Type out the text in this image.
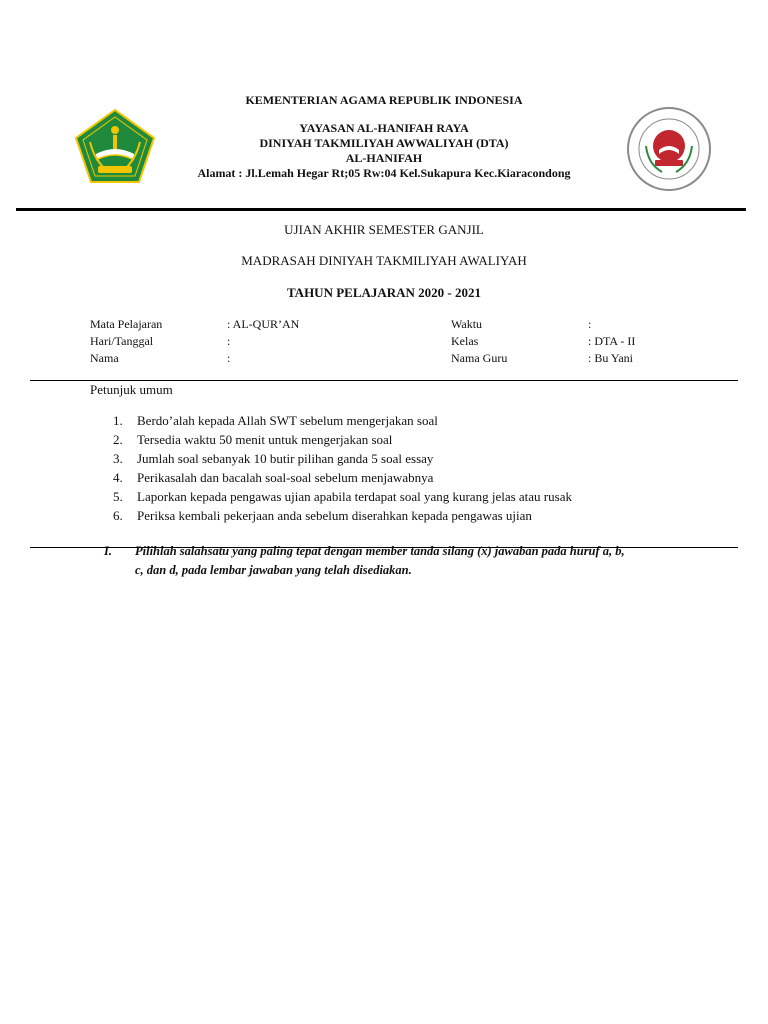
KEMENTERIAN AGAMA REPUBLIK INDONESIA
YAYASAN AL-HANIFAH RAYA
DINIYAH TAKMILIYAH AWWALIYAH (DTA)
AL-HANIFAH
Alamat : Jl.Lemah Hegar Rt;05 Rw:04 Kel.Sukapura Kec.Kiaracondong
UJIAN AKHIR SEMESTER GANJIL
MADRASAH DINIYAH TAKMILIYAH AWALIYAH
TAHUN PELAJARAN 2020 - 2021
Mata Pelajaran	: AL-QUR’AN
Hari/Tanggal	:
Nama	:
Waktu	:
Kelas	: DTA - II
Nama Guru	: Bu Yani
Petunjuk umum
1. Berdo’alah kepada Allah SWT sebelum mengerjakan soal
2. Tersedia waktu 50 menit untuk mengerjakan soal
3. Jumlah soal sebanyak 10 butir pilihan ganda 5 soal essay
4. Perikasalah dan bacalah soal-soal sebelum menjawabnya
5. Laporkan kepada pengawas ujian apabila terdapat soal yang kurang jelas atau rusak
6. Periksa kembali pekerjaan anda sebelum diserahkan kepada pengawas ujian
I. Pilihlah salahsatu yang paling tepat dengan member tanda silang (x) jawaban pada huruf a, b,
c, dan d, pada lembar jawaban yang telah disediakan.
